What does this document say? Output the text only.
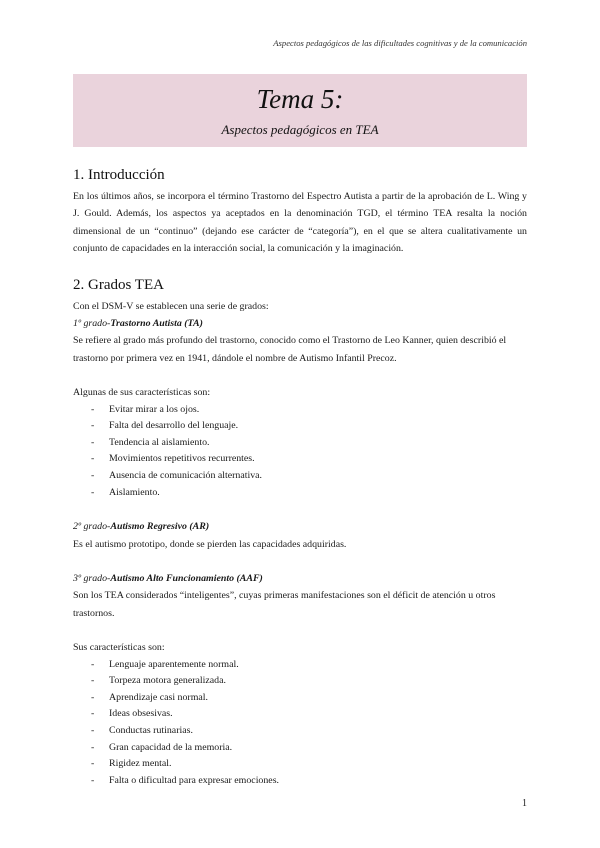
Aspectos pedagógicos de las dificultades cognitivas y de la comunicación
Tema 5:
Aspectos pedagógicos en TEA
1. Introducción

En los últimos años, se incorpora el término Trastorno del Espectro Autista a partir de la aprobación de L. Wing y J. Gould. Además, los aspectos ya aceptados en la denominación TGD, el término TEA resalta la noción dimensional de un “continuo” (dejando ese carácter de “categoría”), en el que se altera cualitativamente un conjunto de capacidades en la interacción social, la comunicación y la imaginación.

2. Grados TEA

Con el DSM-V se establecen una serie de grados:

1º grado-Trastorno Autista (TA)

Se refiere al grado más profundo del trastorno, conocido como el Trastorno de Leo Kanner, quien describió el trastorno por primera vez en 1941, dándole el nombre de Autismo Infantil Precoz.

Algunas de sus características son:

- Evitar mirar a los ojos.
- Falta del desarrollo del lenguaje.
- Tendencia al aislamiento.
- Movimientos repetitivos recurrentes.
- Ausencia de comunicación alternativa.
- Aislamiento.

2º grado-Autismo Regresivo (AR)

Es el autismo prototipo, donde se pierden las capacidades adquiridas.

3º grado-Autismo Alto Funcionamiento (AAF)

Son los TEA considerados “inteligentes”, cuyas primeras manifestaciones son el déficit de atención u otros trastornos.

Sus características son:

- Lenguaje aparentemente normal.
- Torpeza motora generalizada.
- Aprendizaje casi normal.
- Ideas obsesivas.
- Conductas rutinarias.
- Gran capacidad de la memoria.
- Rigidez mental.
- Falta o dificultad para expresar emociones.
1
